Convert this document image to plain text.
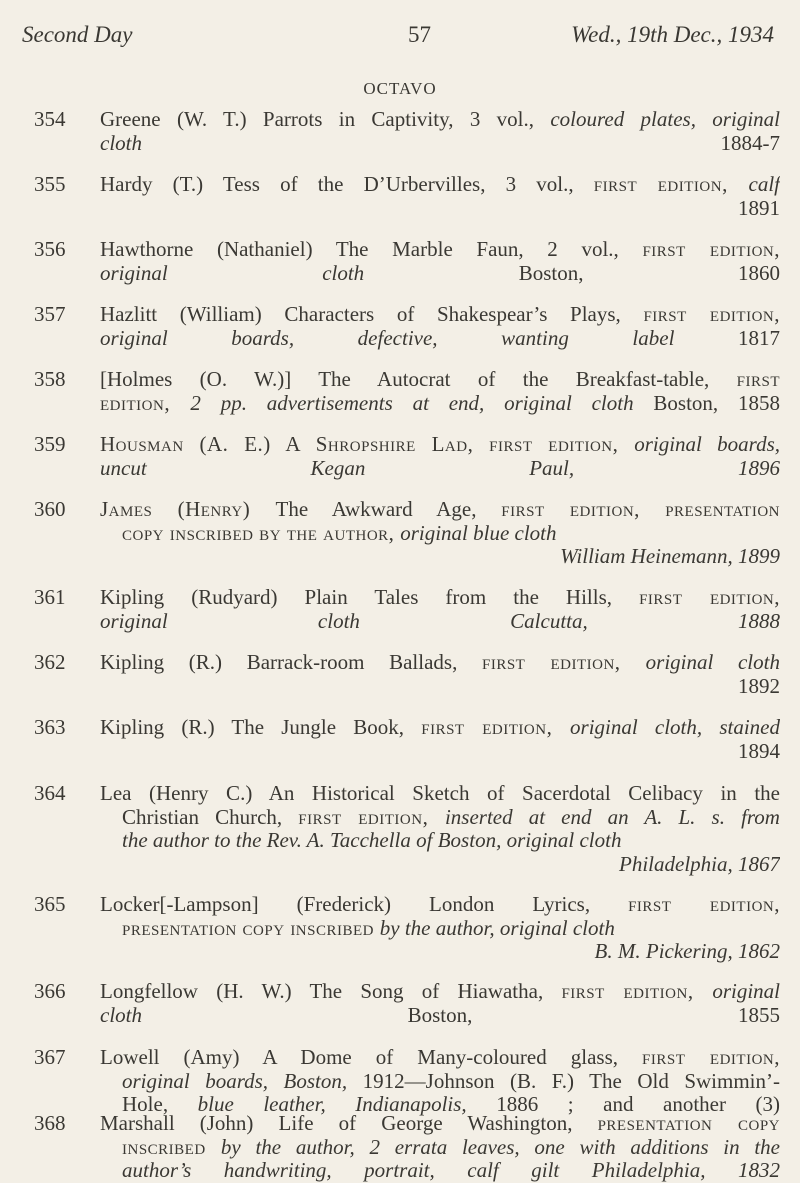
Second Day	57	Wed., 19th Dec., 1934
OCTAVO
354	Greene (W. T.) Parrots in Captivity, 3 vol., coloured plates, original
cloth	1884-7
355	Hardy (T.) Tess of the D’Urbervilles, 3 vol., first edition, calf
1891
356	Hawthorne (Nathaniel) The Marble Faun, 2 vol., first edition,
original cloth	Boston, 1860
357	Hazlitt (William) Characters of Shakespear’s Plays, first edition,
original boards, defective, wanting label	1817
358	[Holmes (O. W.)] The Autocrat of the Breakfast-table, first
edition, 2 pp. advertisements at end, original cloth Boston, 1858
359	Housman (A. E.) A Shropshire Lad, first edition, original boards,
uncut	Kegan Paul, 1896
360	James (Henry) The Awkward Age, first edition, presentation
copy inscribed by the author, original blue cloth
William Heinemann, 1899
361	Kipling (Rudyard) Plain Tales from the Hills, first edition,
original cloth	Calcutta, 1888
362	Kipling (R.) Barrack-room Ballads, first edition, original cloth
1892
363	Kipling (R.) The Jungle Book, first edition, original cloth, stained
1894
364	Lea (Henry C.) An Historical Sketch of Sacerdotal Celibacy in the
Christian Church, first edition, inserted at end an A. L. s. from
the author to the Rev. A. Tacchella of Boston, original cloth
Philadelphia, 1867
365	Locker[-Lampson] (Frederick) London Lyrics, first edition,
presentation copy inscribed by the author, original cloth
B. M. Pickering, 1862
366	Longfellow (H. W.) The Song of Hiawatha, first edition, original
cloth	Boston, 1855
367	Lowell (Amy) A Dome of Many-coloured glass, first edition,
original boards, Boston, 1912—Johnson (B. F.) The Old Swimmin’-
Hole, blue leather, Indianapolis, 1886 ; and another (3)
368	Marshall (John) Life of George Washington, presentation copy
inscribed by the author, 2 errata leaves, one with additions in the
author’s handwriting, portrait, calf gilt Philadelphia, 1832
